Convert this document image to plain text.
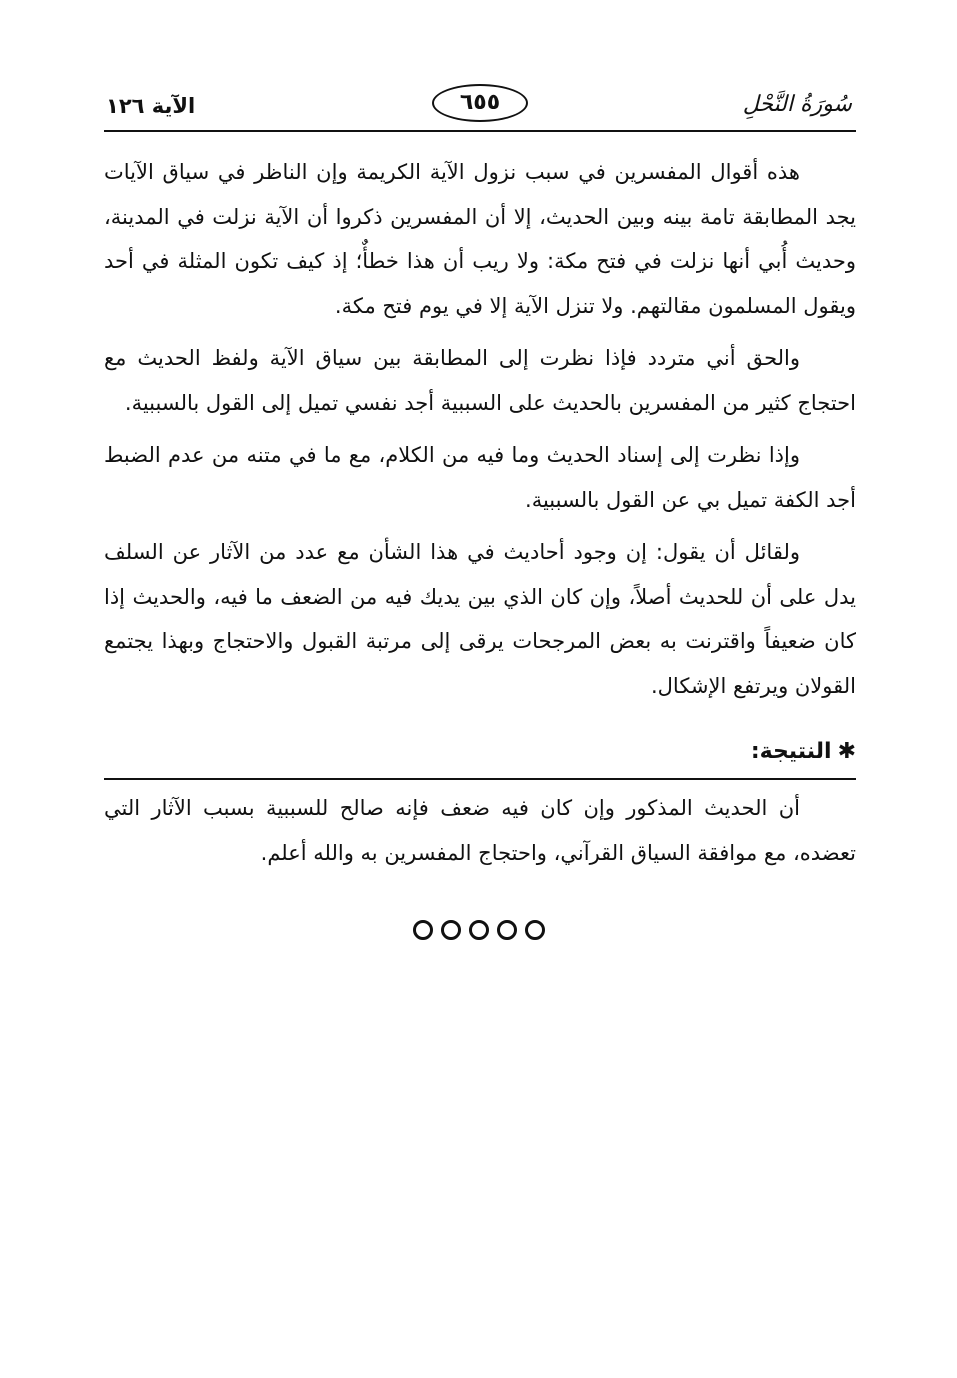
الآية ١٢٦	٦٥٥	سُورَةُ النَّحْلِ

هذه أقوال المفسرين في سبب نزول الآية الكريمة وإن الناظر في سياق الآيات يجد المطابقة تامة بينه وبين الحديث، إلا أن المفسرين ذكروا أن الآية نزلت في المدينة، وحديث أُبي أنها نزلت في فتح مكة: ولا ريب أن هذا خطأٌ؛ إذ كيف تكون المثلة في أحد ويقول المسلمون مقالتهم. ولا تنزل الآية إلا في يوم فتح مكة.

والحق أني متردد فإذا نظرت إلى المطابقة بين سياق الآية ولفظ الحديث مع احتجاج كثير من المفسرين بالحديث على السببية أجد نفسي تميل إلى القول بالسببية.

وإذا نظرت إلى إسناد الحديث وما فيه من الكلام، مع ما في متنه من عدم الضبط أجد الكفة تميل بي عن القول بالسببية.

ولقائل أن يقول: إن وجود أحاديث في هذا الشأن مع عدد من الآثار عن السلف يدل على أن للحديث أصلاً، وإن كان الذي بين يديك فيه من الضعف ما فيه، والحديث إذا كان ضعيفاً واقترنت به بعض المرجحات يرقى إلى مرتبة القبول والاحتجاج وبهذا يجتمع القولان ويرتفع الإشكال.

✱
النتيجة:

أن الحديث المذكور وإن كان فيه ضعف فإنه صالح للسببية بسبب الآثار التي تعضده، مع موافقة السياق القرآني، واحتجاج المفسرين به والله أعلم.
